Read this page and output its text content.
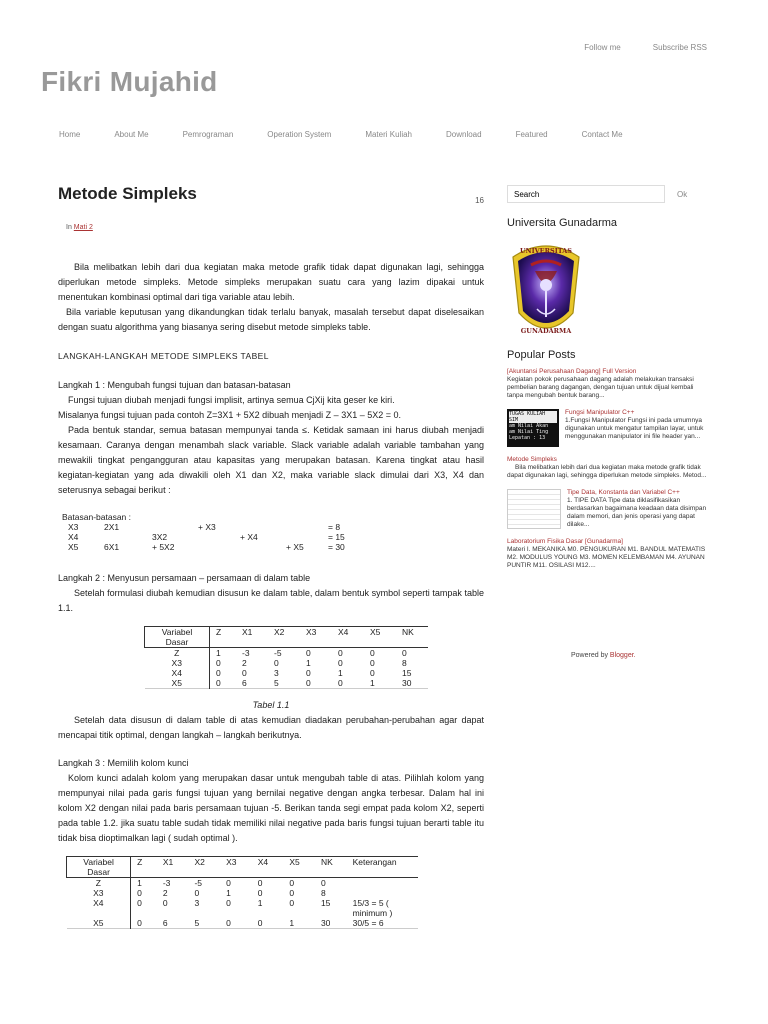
Follow me	Subscribe RSS
Fikri Mujahid
Home	About Me	Pemrograman	Operation System	Materi Kuliah	Download	Featured	Contact Me
Metode Simpleks	16
In Mati 2

Bila melibatkan lebih dari dua kegiatan maka metode grafik tidak dapat digunakan lagi, sehingga diperlukan metode simpleks. Metode simpleks merupakan suatu cara yang lazim dipakai untuk menentukan kombinasi optimal dari tiga variable atau lebih.

Bila variable keputusan yang dikandungkan tidak terlalu banyak, masalah tersebut dapat diselesaikan dengan suatu algorithma yang biasanya sering disebut metode simpleks table.

LANGKAH-LANGKAH METODE SIMPLEKS TABEL

Langkah 1 : Mengubah fungsi tujuan dan batasan-batasan

Fungsi tujuan diubah menjadi fungsi implisit, artinya semua CjXij kita geser ke kiri.

Misalanya fungsi tujuan pada contoh Z=3X1 + 5X2 dibuah menjadi Z – 3X1 – 5X2 = 0.

Pada bentuk standar, semua batasan mempunyai tanda ≤. Ketidak samaan ini harus diubah menjadi kesamaan. Caranya dengan menambah slack variable. Slack variable adalah variable tambahan yang mewakili tingkat pengangguran atau kapasitas yang merupakan batasan. Karena tingkat atau hasil kegiatan-kegiatan yang ada diwakili oleh X1 dan X2, maka variable slack dimulai dari X3, X4 dan seterusnya sebagai berikut :

Batasan-batasan :
X3	2X1	+ X3	= 8
X4	3X2	+ X4	= 15
X5	6X1	+ 5X2	+ X5	= 30

Langkah 2 : Menyusun persamaan – persamaan di dalam table

Setelah formulasi diubah kemudian disusun ke dalam table, dalam bentuk symbol seperti tampak table 1.1.

Variabel Dasar	Z	X1	X2	X3	X4	X5	NK
Z	1	-3	-5	0	0	0	0
X3	0	2	0	1	0	0	8
X4	0	0	3	0	1	0	15
X5	0	6	5	0	0	1	30

Tabel 1.1

Setelah data disusun di dalam table di atas kemudian diadakan perubahan-perubahan agar dapat mencapai titik optimal, dengan langkah – langkah berikutnya.

Langkah 3 : Memilih kolom kunci

Kolom kunci adalah kolom yang merupakan dasar untuk mengubah table di atas. Pilihlah kolom yang mempunyai nilai pada garis fungsi tujuan yang bernilai negative dengan angka terbesar. Dalam hal ini kolom X2 dengan nilai pada baris persamaan tujuan -5. Berikan tanda segi empat pada kolom X2, seperti pada table 1.2. jika suatu table sudah tidak memiliki nilai negative pada baris fungsi tujuan berarti table itu tidak bisa dioptimalkan lagi ( sudah optimal ).

Variabel Dasar	Z	X1	X2	X3	X4	X5	NK	Keterangan
Z	1	-3	-5	0	0	0	0	
X3	0	2	0	1	0	0	8	
X4	0	0	3	0	1	0	15	15/3 = 5 ( minimum )
X5	0	6	5	0	0	1	30	30/5 = 6
Search
Ok
Universita Gunadarma
UNIVERSITAS
GUNADARMA
Popular Posts
[Akuntansi Perusahaan Dagang] Full Version
Kegiatan pokok perusahaan dagang adalah melakukan transaksi pembelian barang dagangan, dengan tujuan untuk dijual kembali tanpa mengubah bentuk barang...
TUGAS KULIAH SIM
am Nilai Akan
am Nilai Ting
Lepatan : 13
Fungsi Manipulator C++
1.Fungsi Manipulator Fungsi ini pada umumnya digunakan untuk mengatur tampilan layar, untuk menggunakan manipulator ini file header yan...
Metode Simpleks
Bila melibatkan lebih dari dua kegiatan maka metode grafik tidak dapat digunakan lagi, sehingga diperlukan metode simpleks. Metod...
Tipe Data, Konstanta dan Variabel C++
1. TIPE DATA Tipe data diklasifikasikan berdasarkan bagaimana keadaan data disimpan dalam memori, dan jenis operasi yang dapat dilake...
Laboratorium Fisika Dasar [Gunadarma]
Materi I. MEKANIKA M0. PENGUKURAN M1. BANDUL MATEMATIS M2. MODULUS YOUNG M3. MOMEN KELEMBAMAN M4. AYUNAN PUNTIR M11. OSILASI M12....
Powered by Blogger.
